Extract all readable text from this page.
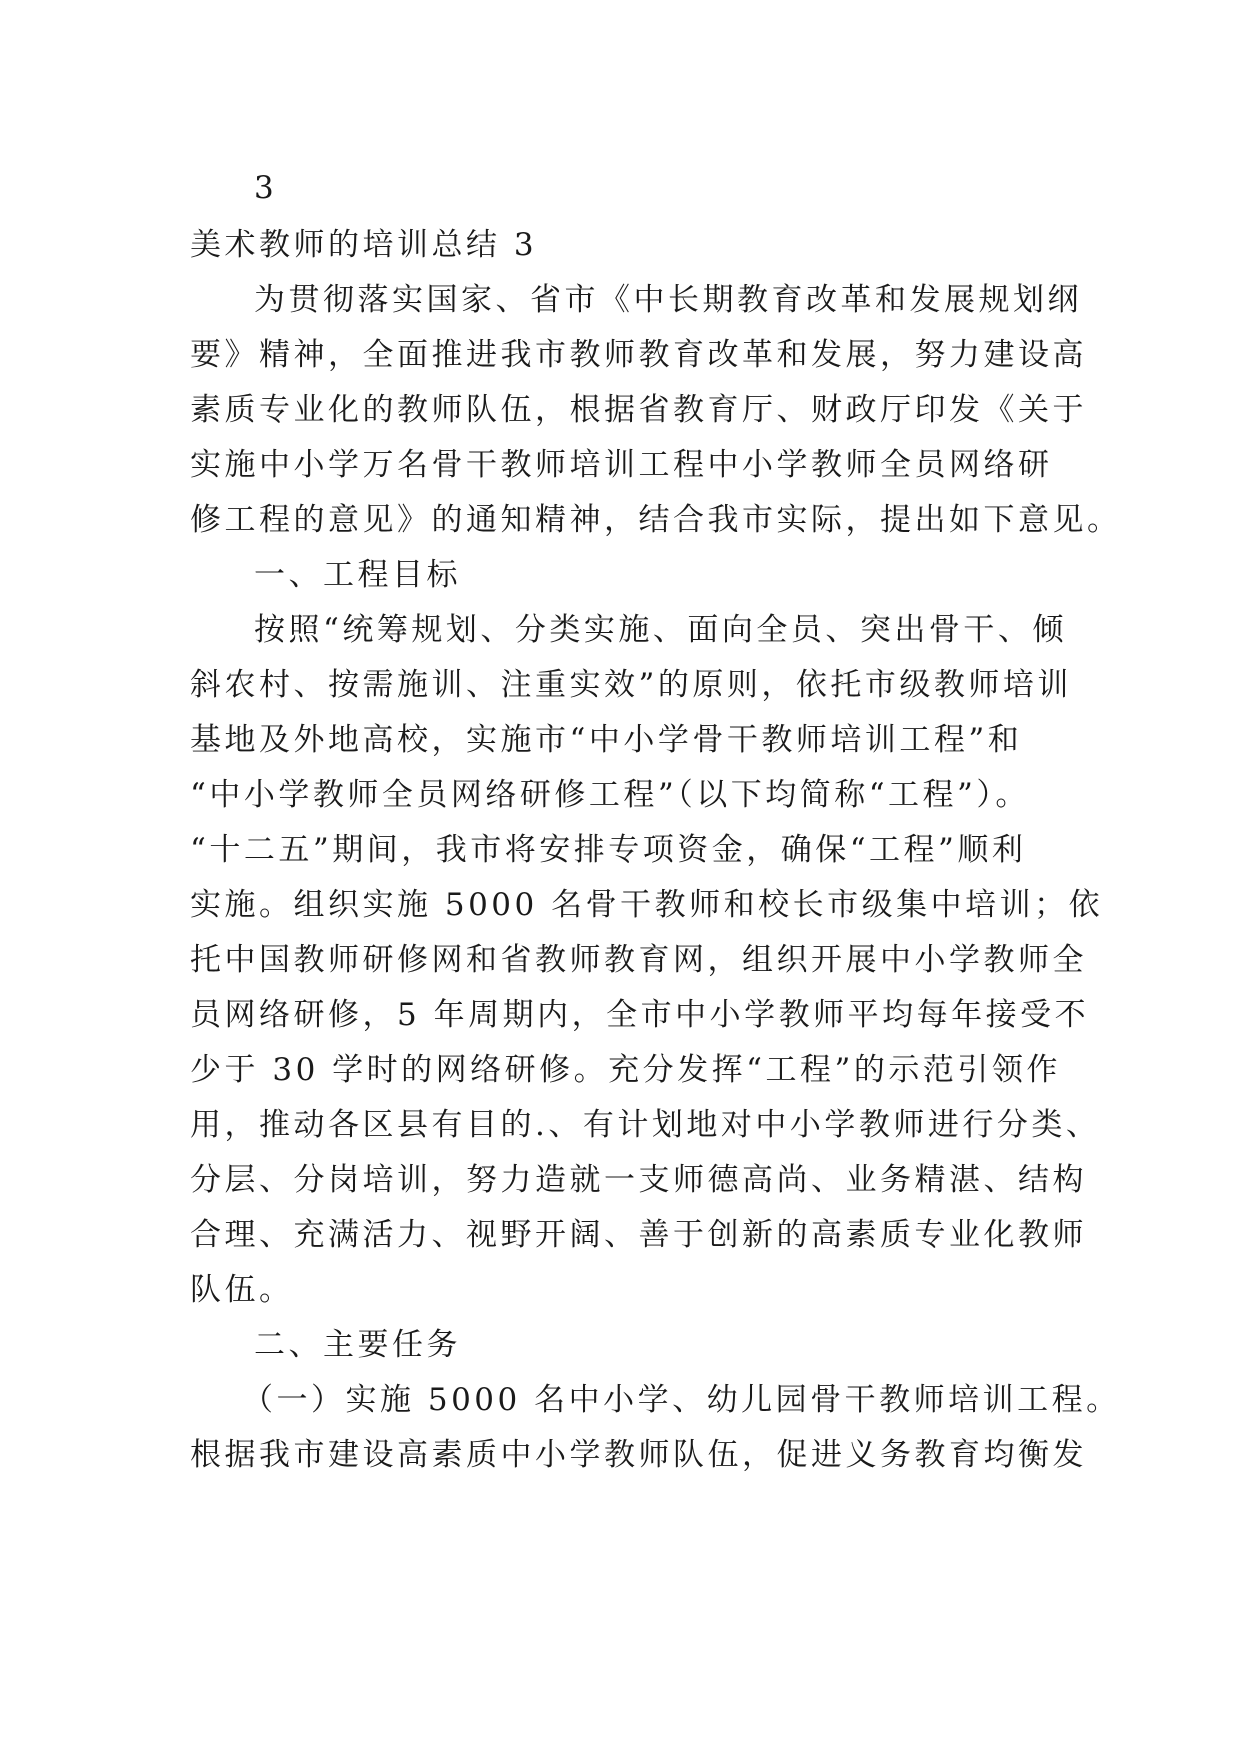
3
美术教师的培训总结 3
为贯彻落实国家、省市《中长期教育改革和发展规划纲
要》精神，全面推进我市教师教育改革和发展，努力建设高
素质专业化的教师队伍，根据省教育厅、财政厅印发《关于
实施中小学万名骨干教师培训工程中小学教师全员网络研
修工程的意见》的通知精神，结合我市实际，提出如下意见。
一、工程目标
按照“统筹规划、分类实施、面向全员、突出骨干、倾
斜农村、按需施训、注重实效”的原则，依托市级教师培训
基地及外地高校，实施市“中小学骨干教师培训工程”和
“中小学教师全员网络研修工程”（以下均简称“工程”）。
“十二五”期间，我市将安排专项资金，确保“工程”顺利
实施。组织实施 5000 名骨干教师和校长市级集中培训；依
托中国教师研修网和省教师教育网，组织开展中小学教师全
员网络研修，5 年周期内，全市中小学教师平均每年接受不
少于 30 学时的网络研修。充分发挥“工程”的示范引领作
用，推动各区县有目的.、有计划地对中小学教师进行分类、
分层、分岗培训，努力造就一支师德高尚、业务精湛、结构
合理、充满活力、视野开阔、善于创新的高素质专业化教师
队伍。
二、主要任务
（一）实施 5000 名中小学、幼儿园骨干教师培训工程。
根据我市建设高素质中小学教师队伍，促进义务教育均衡发
